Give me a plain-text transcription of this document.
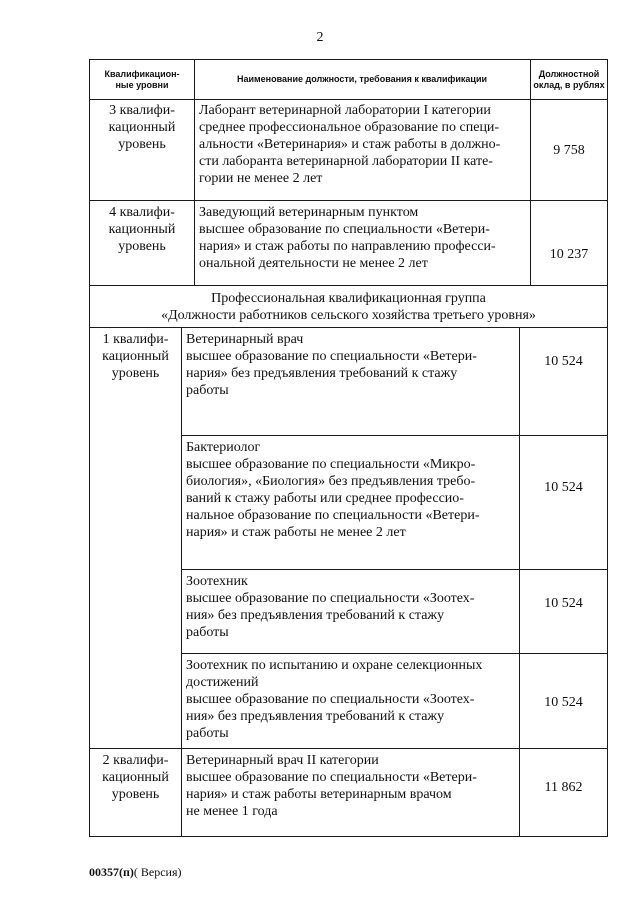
2
Квалификацион-
ные уровни
Наименование должности, требования к квалификации
Должностной
оклад, в рублях
3 квалифи-
кационный
уровень
Лаборант ветеринарной лаборатории I категории
среднее профессиональное образование по специ-
альности «Ветеринария» и стаж работы в должно-
сти лаборанта ветеринарной лаборатории II кате-
гории не менее 2 лет
9 758
4 квалифи-
кационный
уровень
Заведующий ветеринарным пунктом
высшее образование по специальности «Ветери-
нария» и стаж работы по направлению професси-
ональной деятельности не менее 2 лет
10 237
Профессиональная квалификационная группа
«Должности работников сельского хозяйства третьего уровня»
1 квалифи-
кационный
уровень
Ветеринарный врач
высшее образование по специальности «Ветери-
нария» без предъявления требований к стажу
работы
10 524
Бактериолог
высшее образование по специальности «Микро-
биология», «Биология» без предъявления требо-
ваний к стажу работы или среднее профессио-
нальное образование по специальности «Ветери-
нария» и стаж работы не менее 2 лет
10 524
Зоотехник
высшее образование по специальности «Зоотех-
ния» без предъявления требований к стажу
работы
10 524
Зоотехник по испытанию и охране селекционных
достижений
высшее образование по специальности «Зоотех-
ния» без предъявления требований к стажу
работы
10 524
2 квалифи-
кационный
уровень
Ветеринарный врач II категории
высшее образование по специальности «Ветери-
нария» и стаж работы ветеринарным врачом
не менее 1 года
11 862
00357(п)( Версия)
